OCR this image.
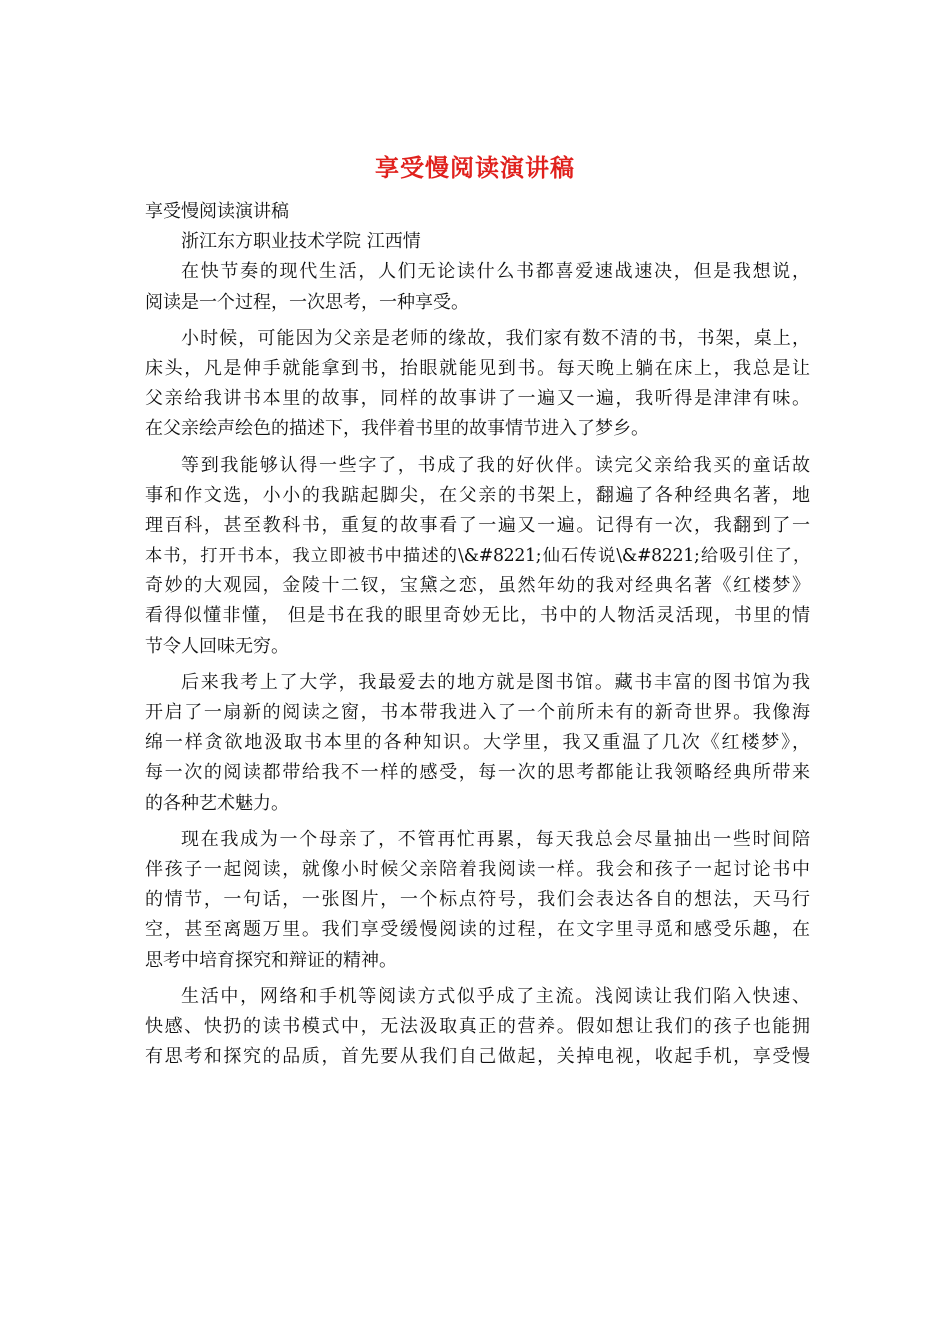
享受慢阅读演讲稿

享受慢阅读演讲稿

浙江东方职业技术学院 江西情

在快节奏的现代生活，人们无论读什么书都喜爱速战速决，但是我想说，

阅读是一个过程，一次思考，一种享受。

小时候，可能因为父亲是老师的缘故，我们家有数不清的书，书架，桌上，

床头，凡是伸手就能拿到书，抬眼就能见到书。每天晚上躺在床上，我总是让

父亲给我讲书本里的故事，同样的故事讲了一遍又一遍，我听得是津津有味。

在父亲绘声绘色的描述下，我伴着书里的故事情节进入了梦乡。

等到我能够认得一些字了，书成了我的好伙伴。读完父亲给我买的童话故

事和作文选，小小的我踮起脚尖，在父亲的书架上，翻遍了各种经典名著，地

理百科，甚至教科书，重复的故事看了一遍又一遍。记得有一次，我翻到了一

本书，打开书本，我立即被书中描述的\&#8221;仙石传说\&#8221;给吸引住了，

奇妙的大观园，金陵十二钗，宝黛之恋，虽然年幼的我对经典名著《红楼梦》

看得似懂非懂， 但是书在我的眼里奇妙无比，书中的人物活灵活现，书里的情

节令人回味无穷。

后来我考上了大学，我最爱去的地方就是图书馆。藏书丰富的图书馆为我

开启了一扇新的阅读之窗，书本带我进入了一个前所未有的新奇世界。我像海

绵一样贪欲地汲取书本里的各种知识。大学里，我又重温了几次《红楼梦》，

每一次的阅读都带给我不一样的感受，每一次的思考都能让我领略经典所带来

的各种艺术魅力。

现在我成为一个母亲了，不管再忙再累，每天我总会尽量抽出一些时间陪

伴孩子一起阅读，就像小时候父亲陪着我阅读一样。我会和孩子一起讨论书中

的情节，一句话，一张图片，一个标点符号，我们会表达各自的想法，天马行

空，甚至离题万里。我们享受缓慢阅读的过程，在文字里寻觅和感受乐趣，在

思考中培育探究和辩证的精神。

生活中，网络和手机等阅读方式似乎成了主流。浅阅读让我们陷入快速、

快感、快扔的读书模式中，无法汲取真正的营养。假如想让我们的孩子也能拥

有思考和探究的品质，首先要从我们自己做起，关掉电视，收起手机，享受慢
